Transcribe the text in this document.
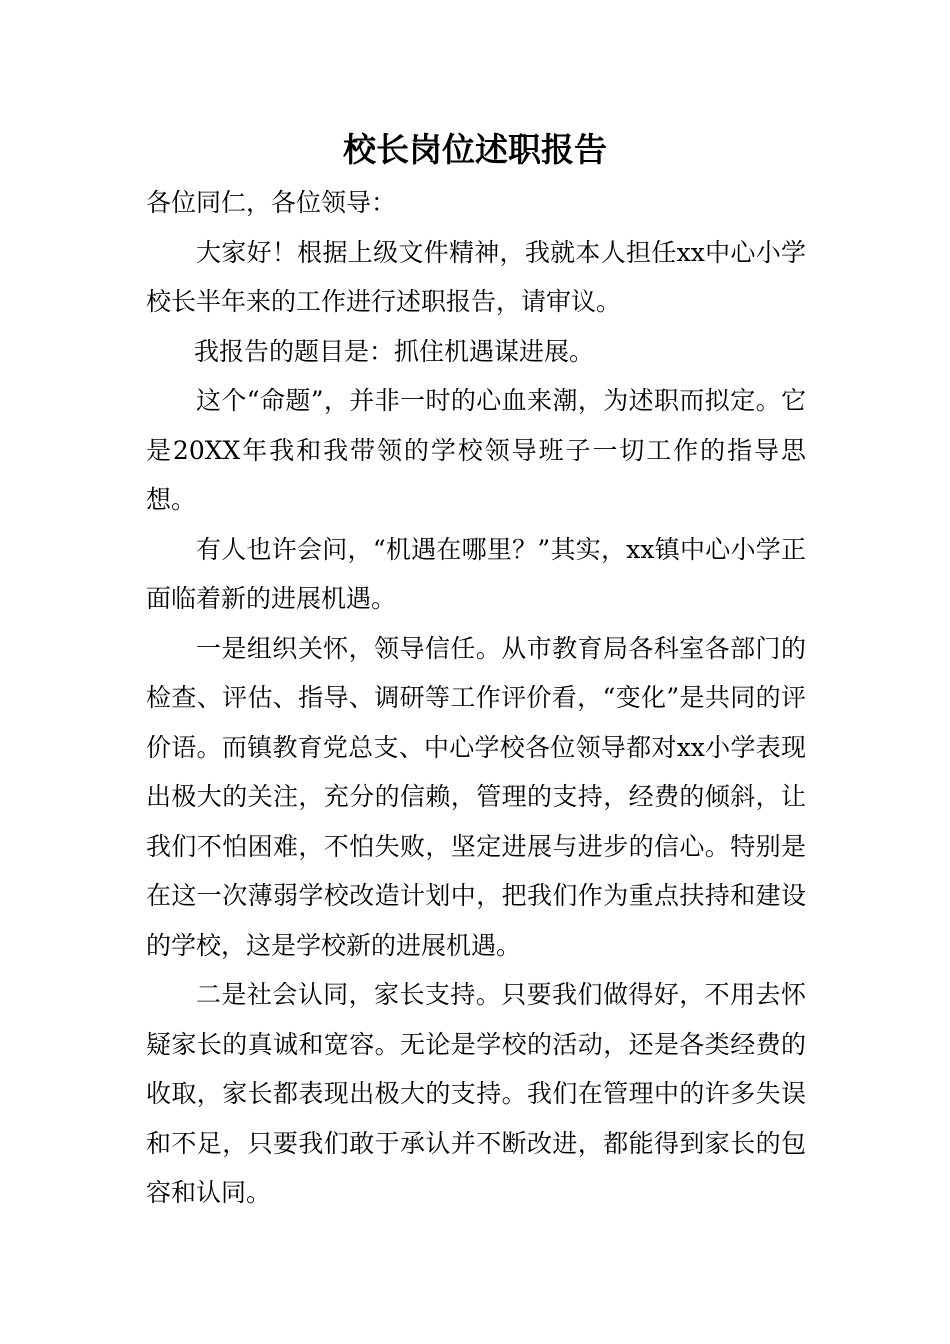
校长岗位述职报告

各位同仁，各位领导：

大家好！根据上级文件精神，我就本人担任xx中心小学校长半年来的工作进行述职报告，请审议。

我报告的题目是：抓住机遇谋进展。

这个“命题”，并非一时的心血来潮，为述职而拟定。它是20XX年我和我带领的学校领导班子一切工作的指导思想。

有人也许会问，“机遇在哪里？”其实，xx镇中心小学正面临着新的进展机遇。

一是组织关怀，领导信任。从市教育局各科室各部门的检查、评估、指导、调研等工作评价看，“变化”是共同的评价语。而镇教育党总支、中心学校各位领导都对xx小学表现出极大的关注，充分的信赖，管理的支持，经费的倾斜，让我们不怕困难，不怕失败，坚定进展与进步的信心。特别是在这一次薄弱学校改造计划中，把我们作为重点扶持和建设的学校，这是学校新的进展机遇。

二是社会认同，家长支持。只要我们做得好，不用去怀疑家长的真诚和宽容。无论是学校的活动，还是各类经费的收取，家长都表现出极大的支持。我们在管理中的许多失误和不足，只要我们敢于承认并不断改进，都能得到家长的包容和认同。
